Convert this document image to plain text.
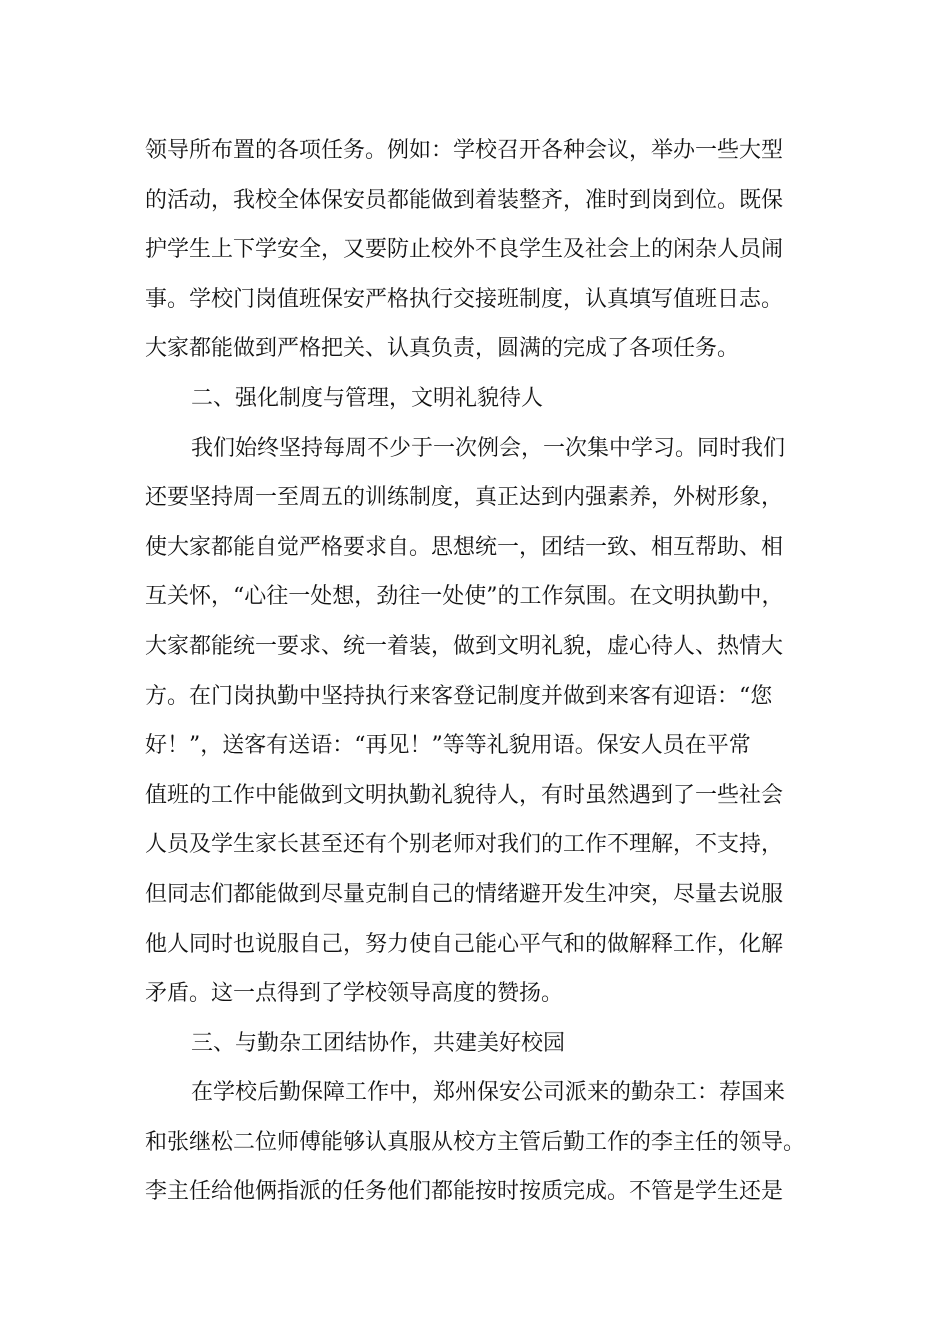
领导所布置的各项任务。例如：学校召开各种会议，举办一些大型
的活动，我校全体保安员都能做到着装整齐，准时到岗到位。既保
护学生上下学安全，又要防止校外不良学生及社会上的闲杂人员闹
事。学校门岗值班保安严格执行交接班制度，认真填写值班日志。
大家都能做到严格把关、认真负责，圆满的完成了各项任务。
二、强化制度与管理，文明礼貌待人
我们始终坚持每周不少于一次例会，一次集中学习。同时我们
还要坚持周一至周五的训练制度，真正达到内强素养，外树形象，
使大家都能自觉严格要求自。思想统一，团结一致、相互帮助、相
互关怀，“心往一处想，劲往一处使”的工作氛围。在文明执勤中，
大家都能统一要求、统一着装，做到文明礼貌，虚心待人、热情大
方。在门岗执勤中坚持执行来客登记制度并做到来客有迎语：“您
好！”，送客有送语：“再见！”等等礼貌用语。保安人员在平常
值班的工作中能做到文明执勤礼貌待人，有时虽然遇到了一些社会
人员及学生家长甚至还有个别老师对我们的工作不理解，不支持，
但同志们都能做到尽量克制自己的情绪避开发生冲突，尽量去说服
他人同时也说服自己，努力使自己能心平气和的做解释工作，化解
矛盾。这一点得到了学校领导高度的赞扬。
三、与勤杂工团结协作，共建美好校园
在学校后勤保障工作中，郑州保安公司派来的勤杂工：荐国来
和张继松二位师傅能够认真服从校方主管后勤工作的李主任的领导。
李主任给他俩指派的任务他们都能按时按质完成。不管是学生还是
